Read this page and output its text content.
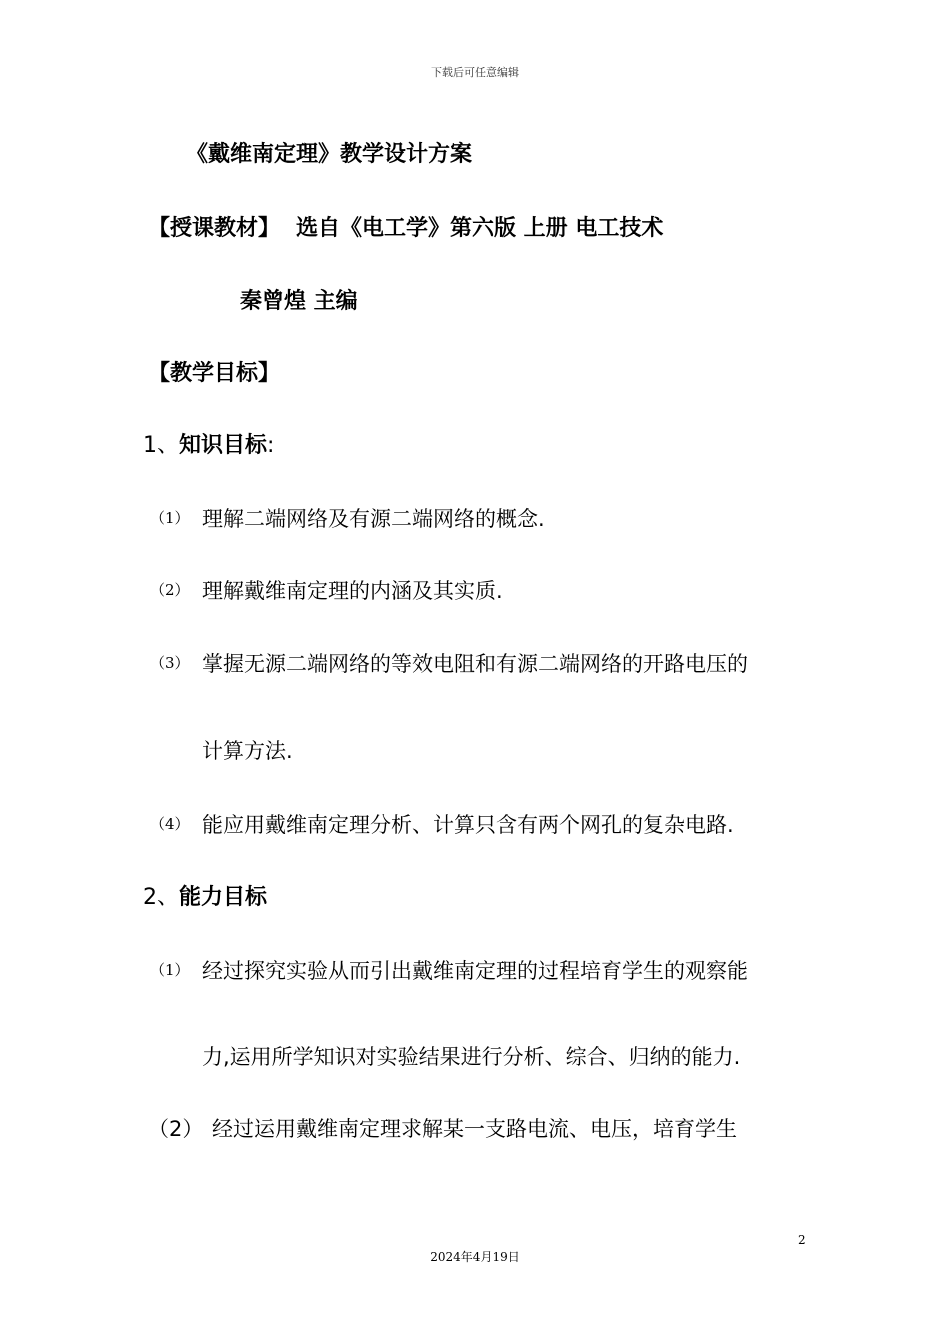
下载后可任意编辑
《戴维南定理》教学设计方案
【授课教材】 选自《电工学》第六版 上册 电工技术
秦曾煌 主编
【教学目标】
1、知识目标:
（1） 理解二端网络及有源二端网络的概念.
（2） 理解戴维南定理的内涵及其实质.
（3） 掌握无源二端网络的等效电阻和有源二端网络的开路电压的
计算方法.
（4） 能应用戴维南定理分析、计算只含有两个网孔的复杂电路.
2、能力目标
（1） 经过探究实验从而引出戴维南定理的过程培育学生的观察能
力,运用所学知识对实验结果进行分析、综合、归纳的能力.
（2） 经过运用戴维南定理求解某一支路电流、电压，培育学生
2
2024年4月19日
